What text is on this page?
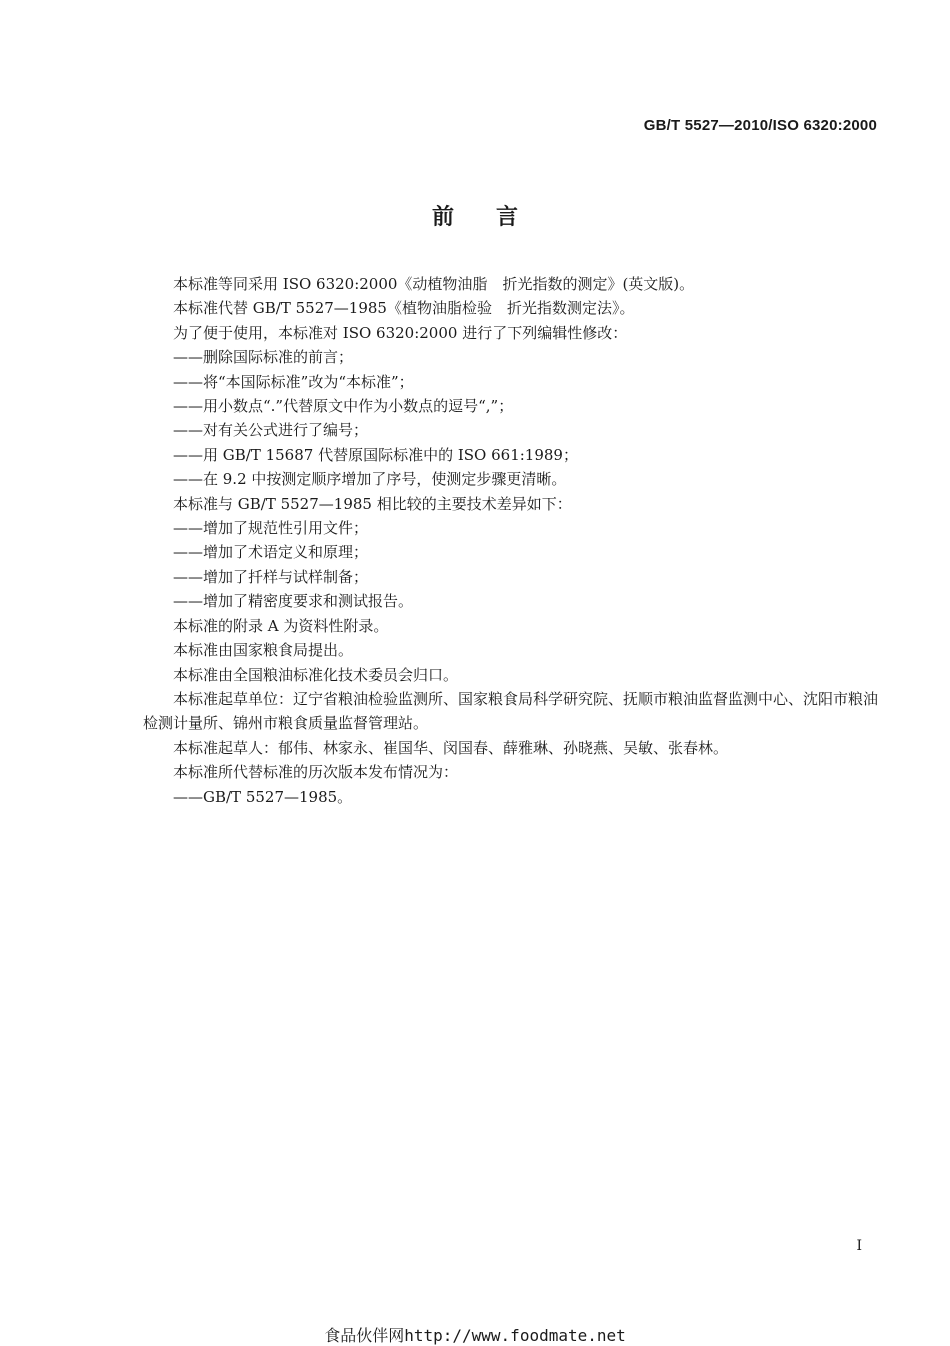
GB/T 5527—2010/ISO 6320:2000
前言
本标准等同采用 ISO 6320:2000《动植物油脂　折光指数的测定》(英文版)。
本标准代替 GB/T 5527—1985《植物油脂检验　折光指数测定法》。
为了便于使用，本标准对 ISO 6320:2000 进行了下列编辑性修改：
——删除国际标准的前言；
——将“本国际标准”改为“本标准”；
——用小数点“.”代替原文中作为小数点的逗号“,”；
——对有关公式进行了编号；
——用 GB/T 15687 代替原国际标准中的 ISO 661:1989；
——在 9.2 中按测定顺序增加了序号，使测定步骤更清晰。
本标准与 GB/T 5527—1985 相比较的主要技术差异如下：
——增加了规范性引用文件；
——增加了术语定义和原理；
——增加了扦样与试样制备；
——增加了精密度要求和测试报告。
本标准的附录 A 为资料性附录。
本标准由国家粮食局提出。
本标准由全国粮油标准化技术委员会归口。
本标准起草单位：辽宁省粮油检验监测所、国家粮食局科学研究院、抚顺市粮油监督监测中心、沈阳市粮油检测计量所、锦州市粮食质量监督管理站。
本标准起草人：郁伟、林家永、崔国华、闵国春、薛雅琳、孙晓燕、吴敏、张春林。
本标准所代替标准的历次版本发布情况为：
——GB/T 5527—1985。
I
食品伙伴网http://www.foodmate.net
